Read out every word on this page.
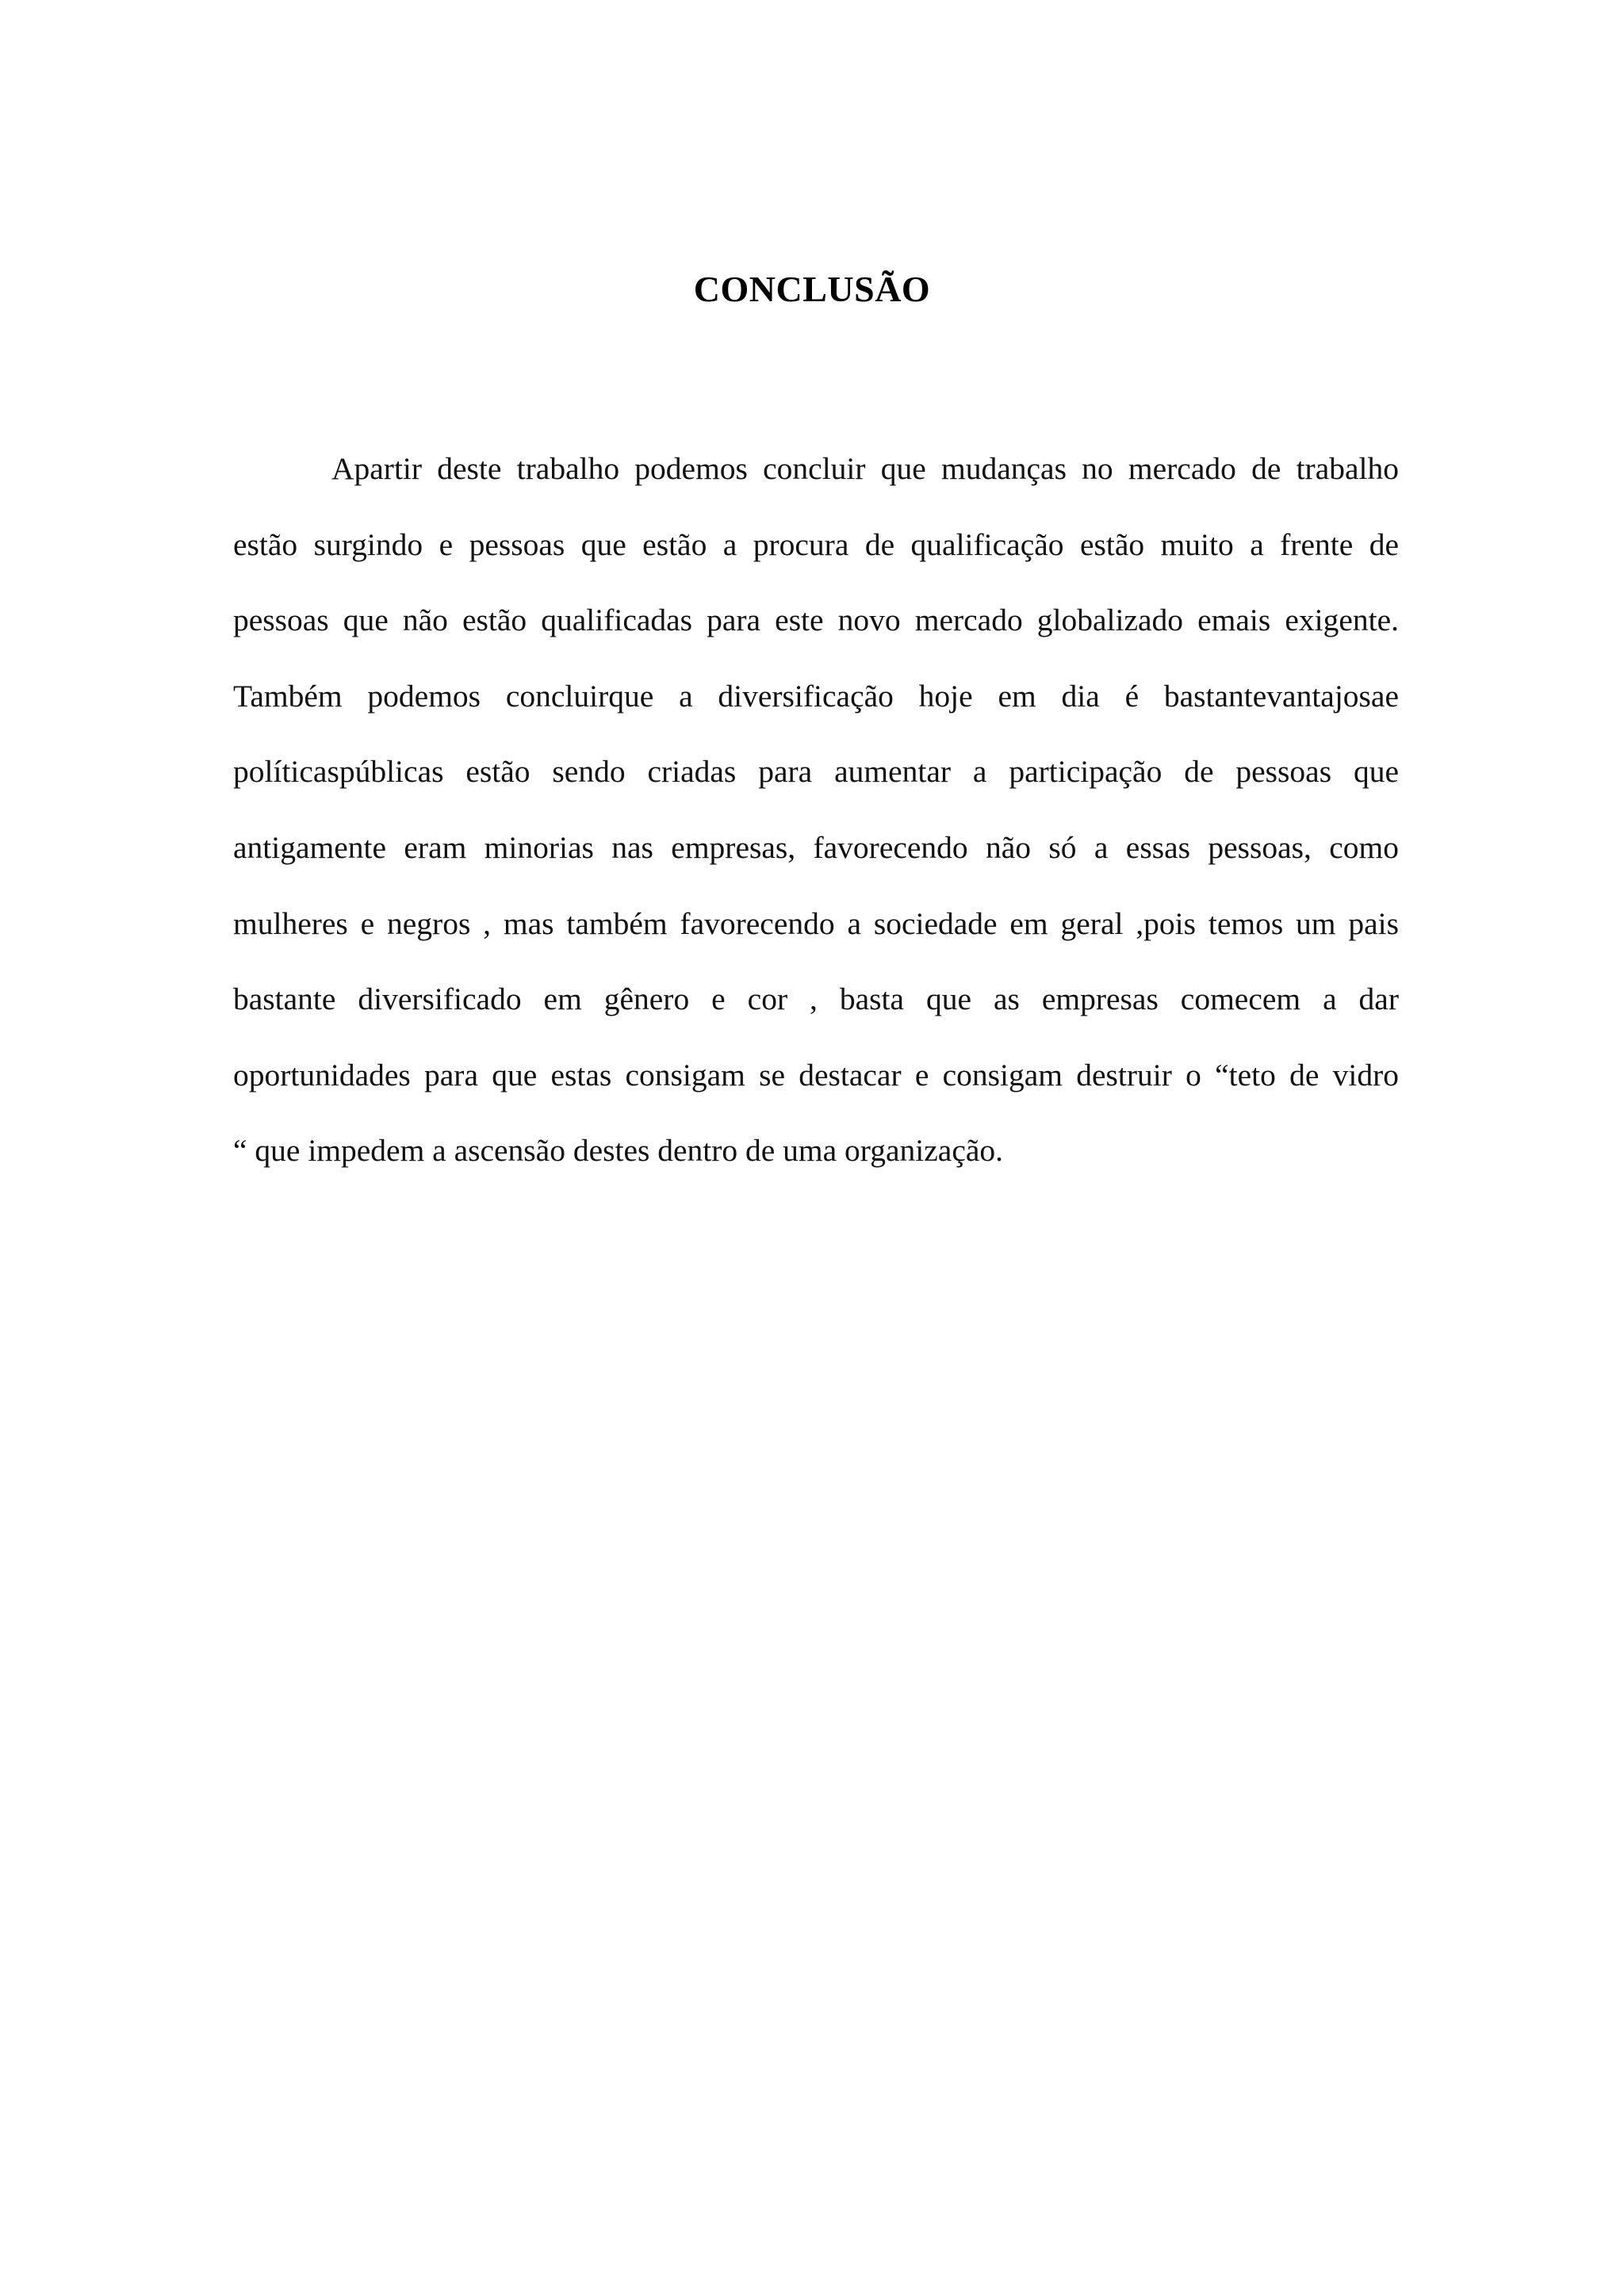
CONCLUSÃO
Apartir deste trabalho podemos concluir que mudanças no mercado de trabalho
estão surgindo e pessoas que estão a procura de qualificação estão muito a frente de
pessoas que não estão qualificadas para este novo mercado globalizado emais exigente.
Também podemos concluirque a diversificação hoje em dia é bastantevantajosae
políticaspúblicas estão sendo criadas para aumentar a participação de pessoas que
antigamente eram minorias nas empresas, favorecendo não só a essas pessoas, como
mulheres e negros , mas também favorecendo a sociedade em geral ,pois temos um pais
bastante diversificado em gênero e cor , basta que as empresas comecem a dar
oportunidades para que estas consigam se destacar e consigam destruir o “teto de vidro
“ que impedem a ascensão destes dentro de uma organização.
